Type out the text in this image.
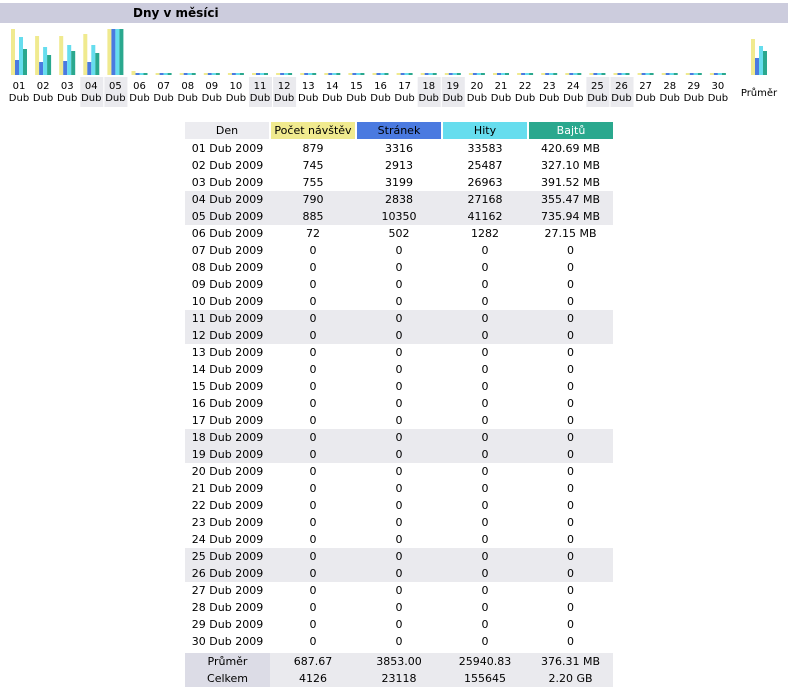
Dny v měsíci
01
Dub
02
Dub
03
Dub
04
Dub
05
Dub
06
Dub
07
Dub
08
Dub
09
Dub
10
Dub
11
Dub
12
Dub
13
Dub
14
Dub
15
Dub
16
Dub
17
Dub
18
Dub
19
Dub
20
Dub
21
Dub
22
Dub
23
Dub
24
Dub
25
Dub
26
Dub
27
Dub
28
Dub
29
Dub
30
Dub Průměr
Den	Počet návštěv	Stránek	Hity	Bajtů
01 Dub 2009	879	3316	33583	420.69 MB
02 Dub 2009	745	2913	25487	327.10 MB
03 Dub 2009	755	3199	26963	391.52 MB
04 Dub 2009	790	2838	27168	355.47 MB
05 Dub 2009	885	10350	41162	735.94 MB
06 Dub 2009	72	502	1282	27.15 MB
07 Dub 2009	0	0	0	0
08 Dub 2009	0	0	0	0
09 Dub 2009	0	0	0	0
10 Dub 2009	0	0	0	0
11 Dub 2009	0	0	0	0
12 Dub 2009	0	0	0	0
13 Dub 2009	0	0	0	0
14 Dub 2009	0	0	0	0
15 Dub 2009	0	0	0	0
16 Dub 2009	0	0	0	0
17 Dub 2009	0	0	0	0
18 Dub 2009	0	0	0	0
19 Dub 2009	0	0	0	0
20 Dub 2009	0	0	0	0
21 Dub 2009	0	0	0	0
22 Dub 2009	0	0	0	0
23 Dub 2009	0	0	0	0
24 Dub 2009	0	0	0	0
25 Dub 2009	0	0	0	0
26 Dub 2009	0	0	0	0
27 Dub 2009	0	0	0	0
28 Dub 2009	0	0	0	0
29 Dub 2009	0	0	0	0
30 Dub 2009	0	0	0	0

Průměr	687.67	3853.00	25940.83	376.31 MB
Celkem	4126	23118	155645	2.20 GB
